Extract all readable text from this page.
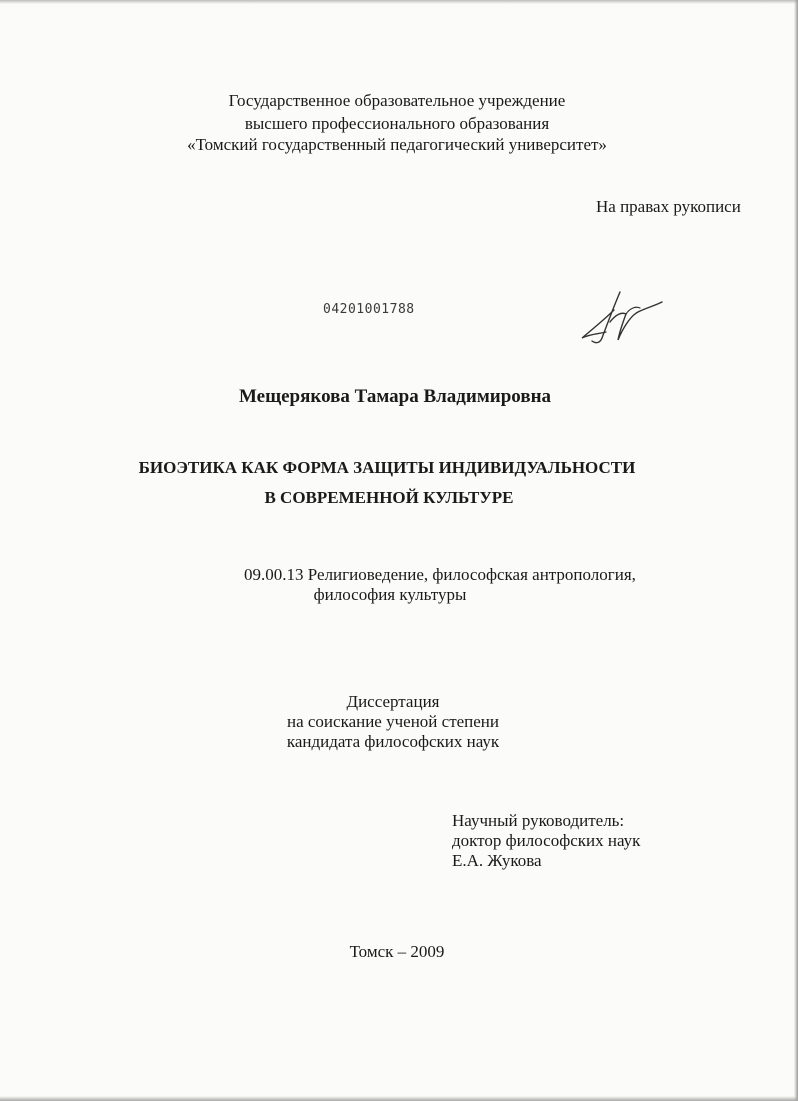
Государственное образовательное учреждение
высшего профессионального образования
«Томский государственный педагогический университет»
На правах рукописи
04201001788
Мещерякова Тамара Владимировна
БИОЭТИКА КАК ФОРМА ЗАЩИТЫ ИНДИВИДУАЛЬНОСТИ
В СОВРЕМЕННОЙ КУЛЬТУРЕ
09.00.13 Религиоведение, философская антропология,
философия культуры
Диссертация
на соискание ученой степени
кандидата философских наук
Научный руководитель:
доктор философских наук
Е.А. Жукова
Томск – 2009
